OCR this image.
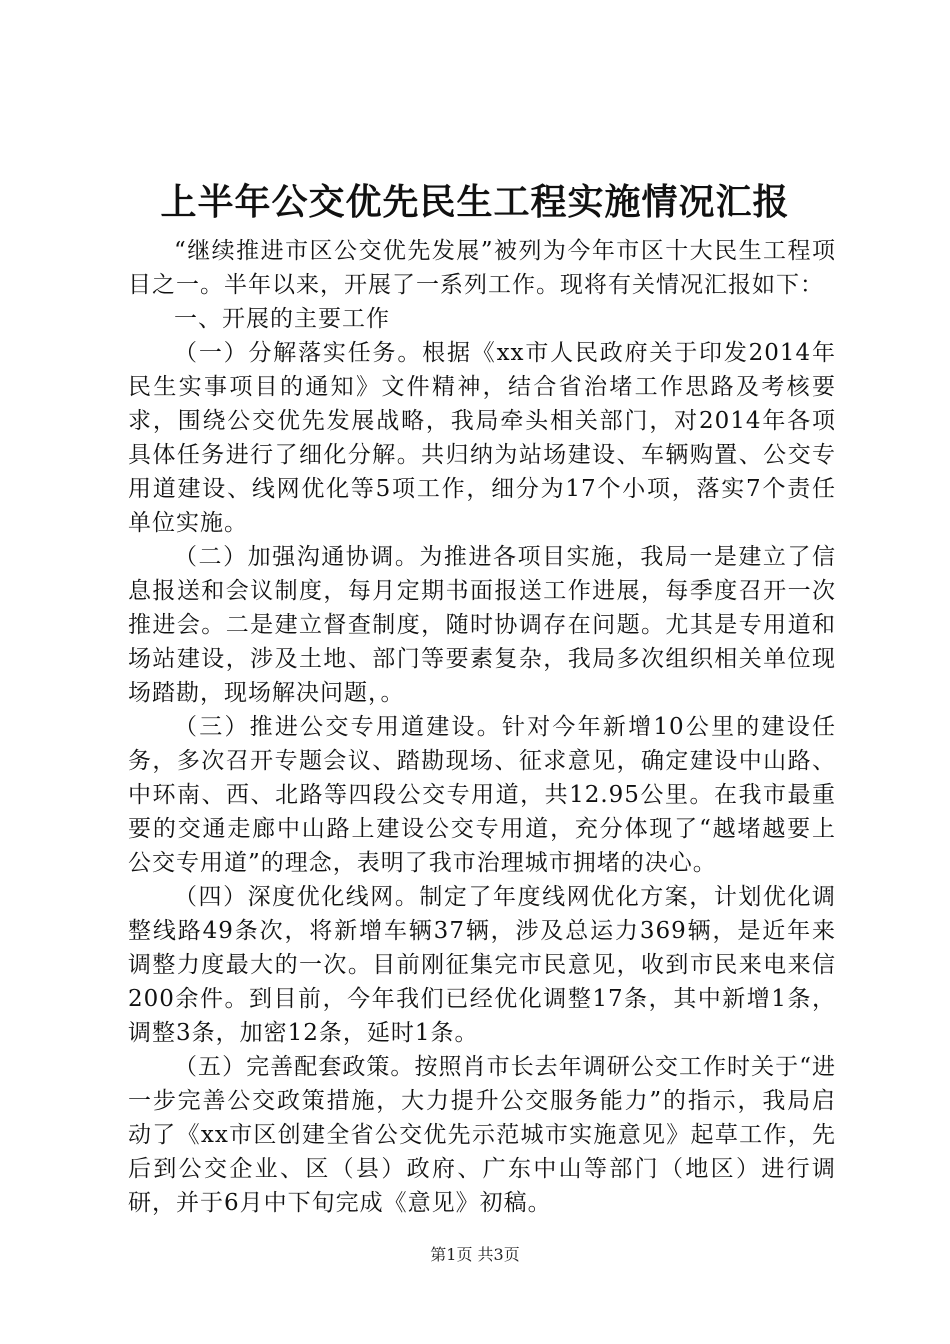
上半年公交优先民生工程实施情况汇报

“继续推进市区公交优先发展”被列为今年市区十大民生工程项目之一。半年以来，开展了一系列工作。现将有关情况汇报如下：

一、开展的主要工作

（一）分解落实任务。根据《xx市人民政府关于印发2014年民生实事项目的通知》文件精神，结合省治堵工作思路及考核要求，围绕公交优先发展战略，我局牵头相关部门，对2014年各项具体任务进行了细化分解。共归纳为站场建设、车辆购置、公交专用道建设、线网优化等5项工作，细分为17个小项，落实7个责任单位实施。

（二）加强沟通协调。为推进各项目实施，我局一是建立了信息报送和会议制度，每月定期书面报送工作进展，每季度召开一次推进会。二是建立督查制度，随时协调存在问题。尤其是专用道和场站建设，涉及土地、部门等要素复杂，我局多次组织相关单位现场踏勘，现场解决问题，。

（三）推进公交专用道建设。针对今年新增10公里的建设任务，多次召开专题会议、踏勘现场、征求意见，确定建设中山路、中环南、西、北路等四段公交专用道，共12.95公里。在我市最重要的交通走廊中山路上建设公交专用道，充分体现了“越堵越要上公交专用道”的理念，表明了我市治理城市拥堵的决心。

（四）深度优化线网。制定了年度线网优化方案，计划优化调整线路49条次，将新增车辆37辆，涉及总运力369辆，是近年来调整力度最大的一次。目前刚征集完市民意见，收到市民来电来信200余件。到目前，今年我们已经优化调整17条，其中新增1条，调整3条，加密12条，延时1条。

（五）完善配套政策。按照肖市长去年调研公交工作时关于“进一步完善公交政策措施，大力提升公交服务能力”的指示，我局启动了《xx市区创建全省公交优先示范城市实施意见》起草工作，先后到公交企业、区（县）政府、广东中山等部门（地区）进行调研，并于6月中下旬完成《意见》初稿。

第1页 共3页
